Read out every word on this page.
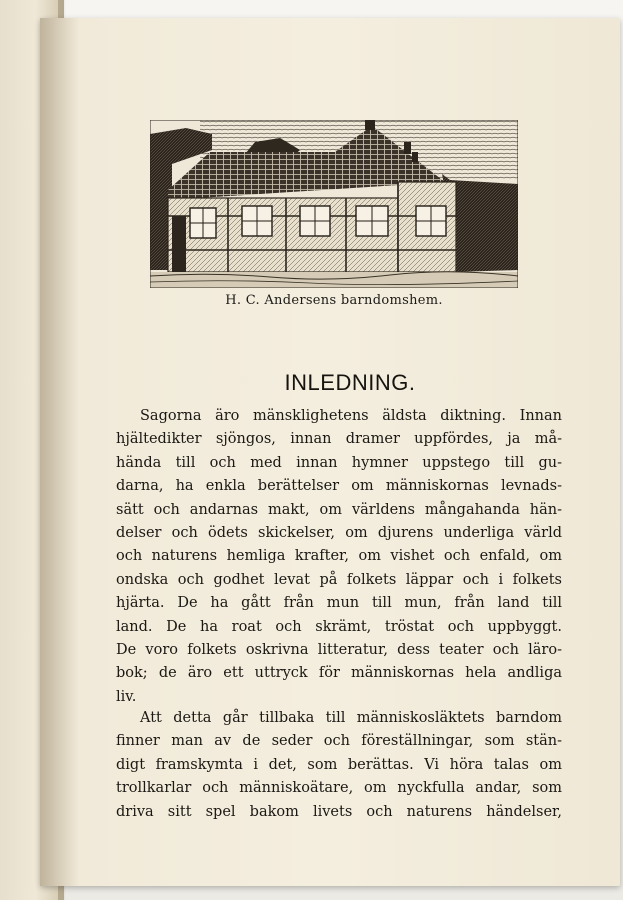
H. C. Andersens barndomshem.
INLEDNING.

Sagorna äro mänsklighetens äldsta diktning. Innan
hjältedikter sjöngos, innan dramer uppfördes, ja må-
hända till och med innan hymner uppstego till gu-
darna, ha enkla berättelser om människornas levnads-
sätt och andarnas makt, om världens mångahanda hän-
delser och ödets skickelser, om djurens underliga värld
och naturens hemliga krafter, om vishet och enfald, om
ondska och godhet levat på folkets läppar och i folkets
hjärta. De ha gått från mun till mun, från land till
land. De ha roat och skrämt, tröstat och uppbyggt.
De voro folkets oskrivna litteratur, dess teater och läro-
bok; de äro ett uttryck för människornas hela andliga
liv.

Att detta går tillbaka till människosläktets barndom
finner man av de seder och föreställningar, som stän-
digt framskymta i det, som berättas. Vi höra talas om
trollkarlar och människoätare, om nyckfulla andar, som
driva sitt spel bakom livets och naturens händelser,
